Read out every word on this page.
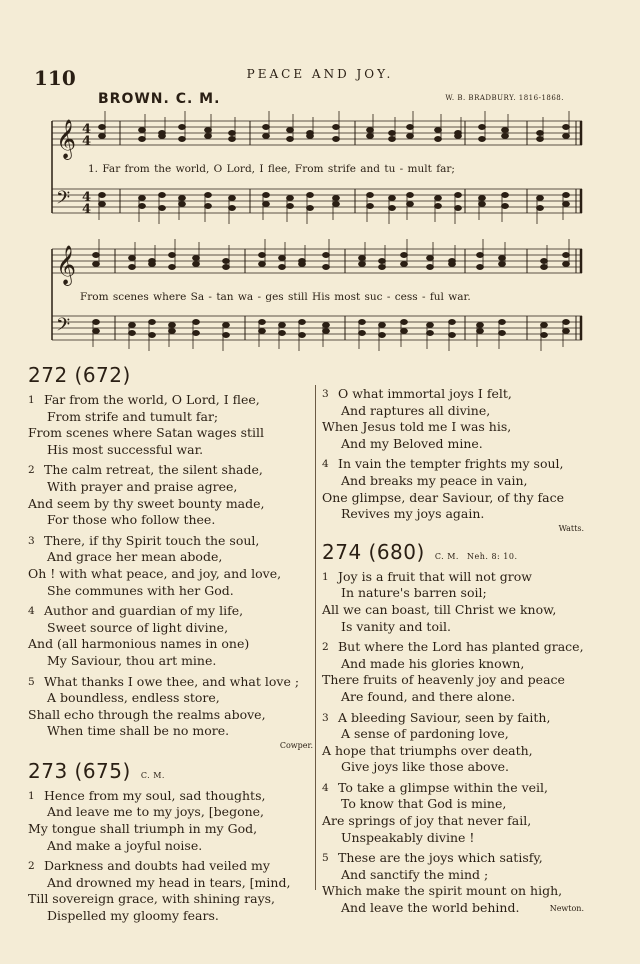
110	PEACE AND JOY.
BROWN. C. M.	W. B. BRADBURY. 1816-1868.
𝄞
𝄢
𝄞
𝄢
4
4
4
4
1. Far from the world, O Lord, I flee, From strife and tu - mult far;
From scenes where Sa - tan wa - ges still His most suc - cess - ful war.
272 (672)
1 Far from the world, O Lord, I flee,
From strife and tumult far;
From scenes where Satan wages still
His most successful war.
2 The calm retreat, the silent shade,
With prayer and praise agree,
And seem by thy sweet bounty made,
For those who follow thee.
3 There, if thy Spirit touch the soul,
And grace her mean abode,
Oh ! with what peace, and joy, and love,
She communes with her God.
4 Author and guardian of my life,
Sweet source of light divine,
And (all harmonious names in one)
My Saviour, thou art mine.
5 What thanks I owe thee, and what love ;
A boundless, endless store,
Shall echo through the realms above,
When time shall be no more.
Cowper.
273 (675) C. M.
1 Hence from my soul, sad thoughts,
And leave me to my joys, [begone,
My tongue shall triumph in my God,
And make a joyful noise.
2 Darkness and doubts had veiled my
And drowned my head in tears, [mind,
Till sovereign grace, with shining rays,
Dispelled my gloomy fears.
3 O what immortal joys I felt,
And raptures all divine,
When Jesus told me I was his,
And my Beloved mine.
4 In vain the tempter frights my soul,
And breaks my peace in vain,
One glimpse, dear Saviour, of thy face
Revives my joys again.
Watts.
274 (680) C. M. Neh. 8: 10.
1 Joy is a fruit that will not grow
In nature's barren soil;
All we can boast, till Christ we know,
Is vanity and toil.
2 But where the Lord has planted grace,
And made his glories known,
There fruits of heavenly joy and peace
Are found, and there alone.
3 A bleeding Saviour, seen by faith,
A sense of pardoning love,
A hope that triumphs over death,
Give joys like those above.
4 To take a glimpse within the veil,
To know that God is mine,
Are springs of joy that never fail,
Unspeakably divine !
5 These are the joys which satisfy,
And sanctify the mind ;
Which make the spirit mount on high,
And leave the world behind.	Newton.
